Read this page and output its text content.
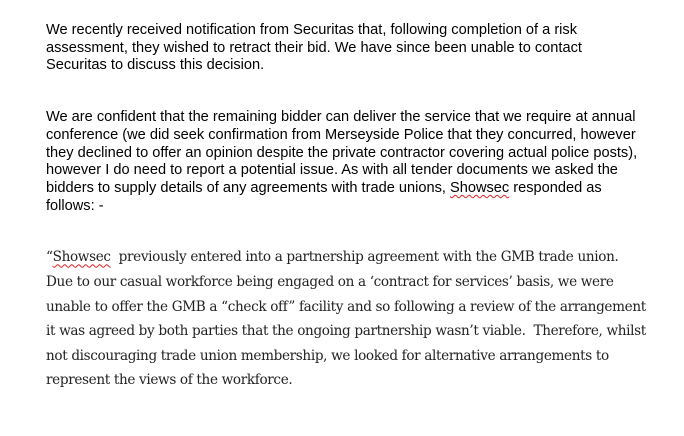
We recently received notification from Securitas that, following completion of a risk assessment, they wished to retract their bid. We have since been unable to contact Securitas to discuss this decision.

We are confident that the remaining bidder can deliver the service that we require at annual conference (we did seek confirmation from Merseyside Police that they concurred, however they declined to offer an opinion despite the private contractor covering actual police posts), however I do need to report a potential issue. As with all tender documents we asked the bidders to supply details of any agreements with trade unions, Showsec responded as follows: -

“Showsec  previously entered into a partnership agreement with the GMB trade union.  Due to our casual workforce being engaged on a ‘contract for services’ basis, we were unable to offer the GMB a “check off” facility and so following a review of the arrangement it was agreed by both parties that the ongoing partnership wasn’t viable.  Therefore, whilst not discouraging trade union membership, we looked for alternative arrangements to represent the views of the workforce.
